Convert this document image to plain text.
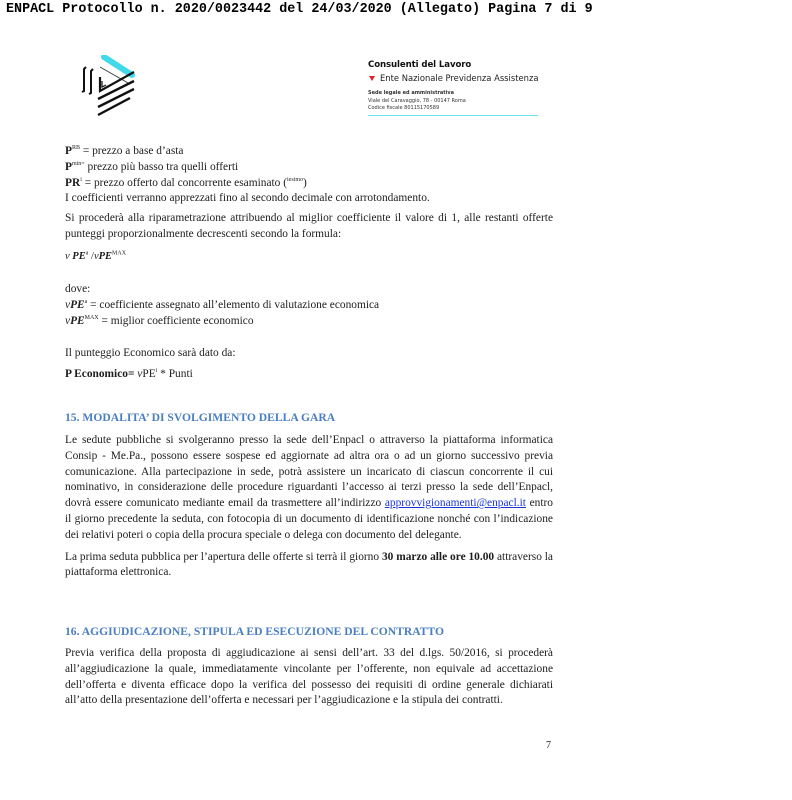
ENPACL Protocollo n. 2020/0023442 del 24/03/2020 (Allegato) Pagina 7 di 9
Consulenti del Lavoro
Ente Nazionale Previdenza Assistenza
Sede legale ed amministrativa
Viale del Caravaggio, 78 - 00147 Roma
Codice fiscale 80115170589
$P^{RB}$ = prezzo a base d’asta
$P^{min=}$ prezzo più basso tra quelli offerti
$PR^i$ = prezzo offerto dal concorrente esaminato ($^{iesimo}$)
I coefficienti verranno apprezzati fino al secondo decimale con arrotondamento.

Si procederà alla riparametrazione attribuendo al miglior coefficiente il valore di 1, alle restanti offerte punteggi proporzionalmente decrescenti secondo la formula:

v $PE^a$ /vPE$^{MAX}$
dove:
vPE$^a$ = coefficiente assegnato all’elemento di valutazione economica
vPE$^{MAX}$ = miglior coefficiente economico
Il punteggio Economico sarà dato da:
P Economico= vPE$^i$ * Punti
15. MODALITA’ DI SVOLGIMENTO DELLA GARA

Le sedute pubbliche si svolgeranno presso la sede dell’Enpacl o attraverso la piattaforma informatica Consip - Me.Pa., possono essere sospese ed aggiornate ad altra ora o ad un giorno successivo previa comunicazione. Alla partecipazione in sede, potrà assistere un incaricato di ciascun concorrente il cui nominativo, in considerazione delle procedure riguardanti l’accesso ai terzi presso la sede dell’Enpacl, dovrà essere comunicato mediante email da trasmettere all’indirizzo approvvigionamenti@enpacl.it entro il giorno precedente la seduta, con fotocopia di un documento di identificazione nonché con l’indicazione dei relativi poteri o copia della procura speciale o delega con documento del delegante.

La prima seduta pubblica per l’apertura delle offerte si terrà il giorno 30 marzo alle ore 10.00 attraverso la piattaforma elettronica.

16. AGGIUDICAZIONE, STIPULA ED ESECUZIONE DEL CONTRATTO

Previa verifica della proposta di aggiudicazione ai sensi dell’art. 33 del d.lgs. 50/2016, si procederà all’aggiudicazione la quale, immediatamente vincolante per l’offerente, non equivale ad accettazione dell’offerta e diventa efficace dopo la verifica del possesso dei requisiti di ordine generale dichiarati all’atto della presentazione dell’offerta e necessari per l’aggiudicazione e la stipula dei contratti.

7
